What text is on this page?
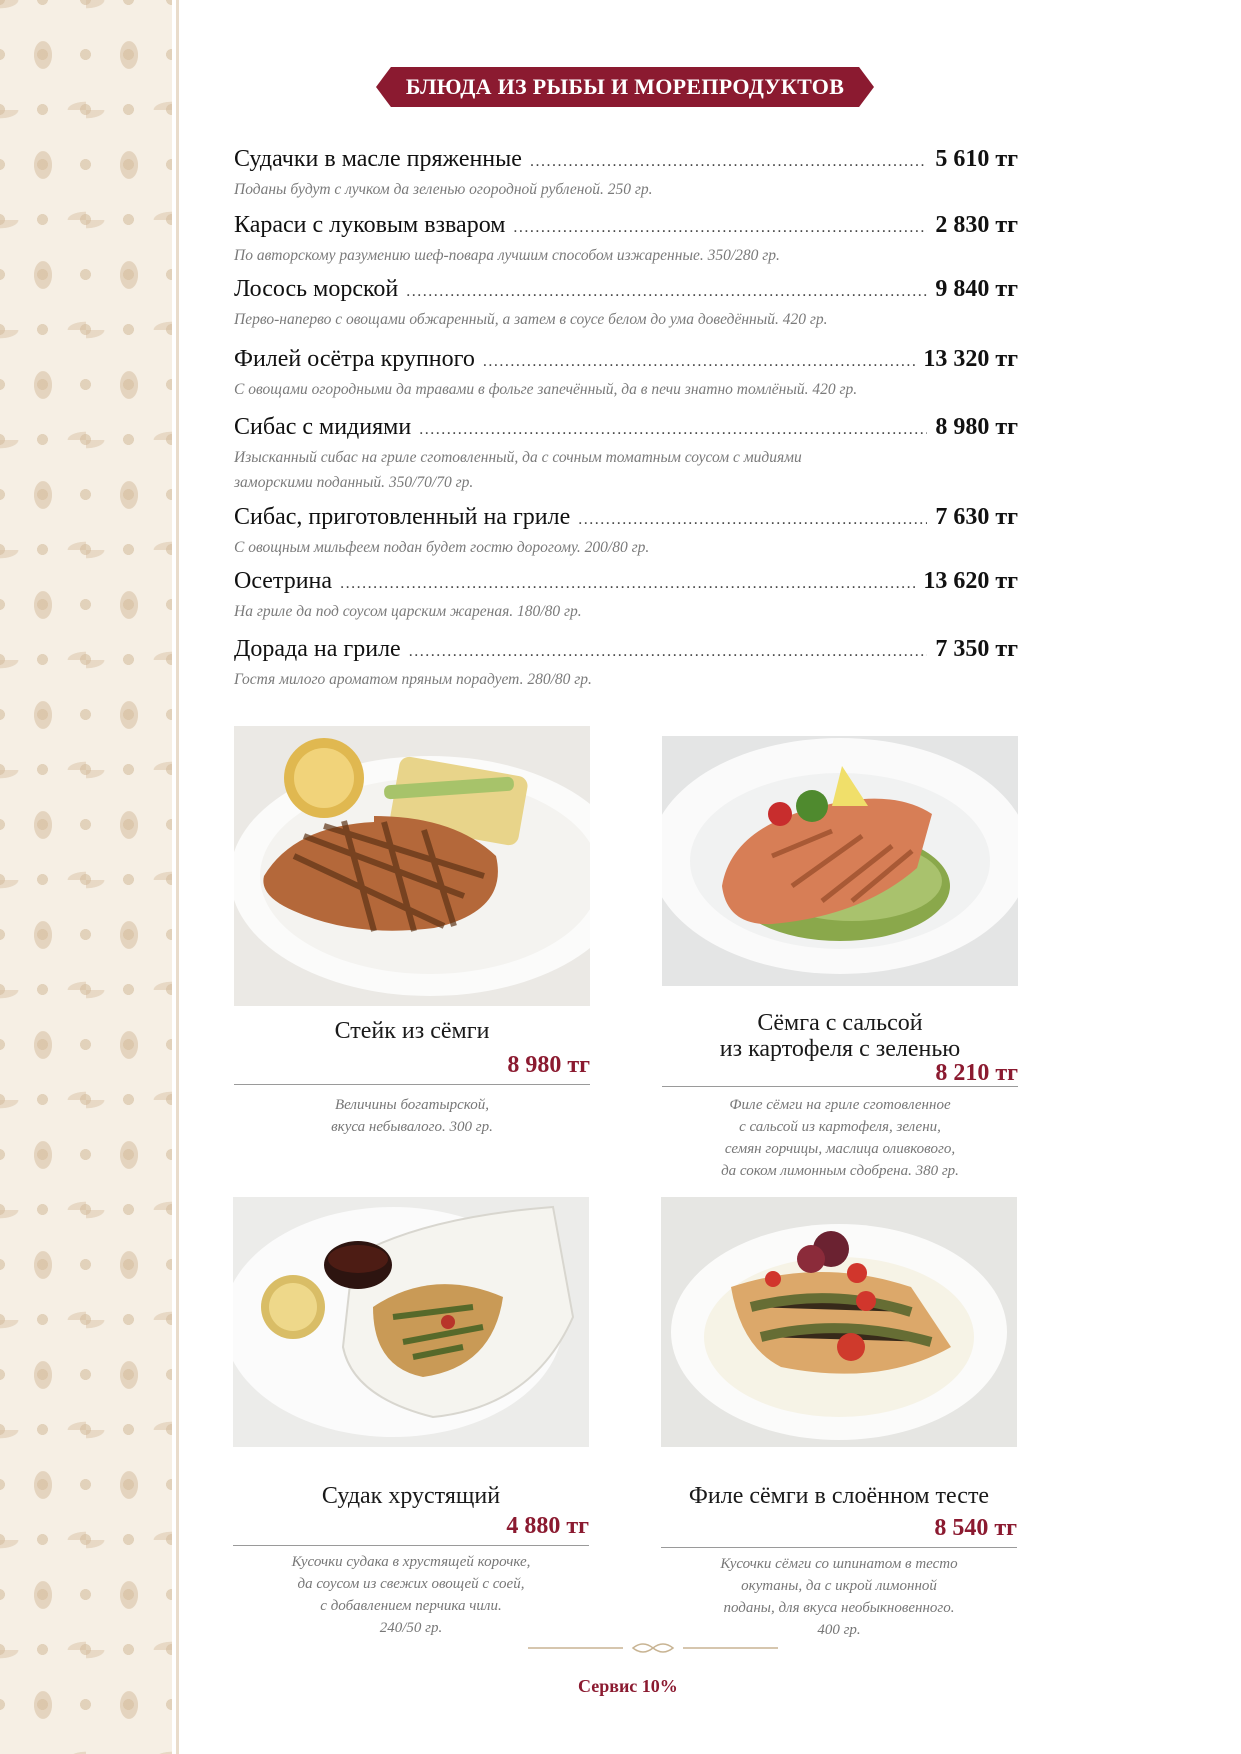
БЛЮДА ИЗ РЫБЫ И МОРЕПРОДУКТОВ
Судачки в масле пряженные .....	5 610 тг
Поданы будут с лучком да зеленью огородной рубленой. 250 гр.
Караси с луковым взваром .....	2 830 тг
По авторскому разумению шеф-повара лучшим способом изжаренные. 350/280 гр.
Лосось морской .....	9 840 тг
Перво-наперво с овощами обжаренный, а затем в соусе белом до ума доведённый. 420 гр.
Филей осётра крупного .....	13 320 тг
С овощами огородными да травами в фольге запечённый, да в печи знатно томлёный. 420 гр.
Сибас с мидиями .....	8 980 тг
Изысканный сибас на гриле сготовленный, да с сочным томатным соусом с мидиями заморскими поданный. 350/70/70 гр.
Сибас, приготовленный на гриле .....	7 630 тг
С овощным мильфеем подан будет гостю дорогому. 200/80 гр.
Осетрина .....	13 620 тг
На гриле да под соусом царским жареная. 180/80 гр.
Дорада на гриле .....	7 350 тг
Гостя милого ароматом пряным порадует. 280/80 гр.
Стейк из сёмги
8 980 тг
Величины богатырской,
вкуса небывалого. 300 гр.
Сёмга с сальсой
из картофеля с зеленью
8 210 тг
Филе сёмги на гриле сготовленное
с сальсой из картофеля, зелени,
семян горчицы, маслица оливкового,
да соком лимонным сдобрена. 380 гр.
Судак хрустящий
4 880 тг
Кусочки судака в хрустящей корочке,
да соусом из свежих овощей с соей,
с добавлением перчика чили.
240/50 гр.
Филе сёмги в слоённом тесте
8 540 тг
Кусочки сёмги со шпинатом в тесто
окутаны, да с икрой лимонной
поданы, для вкуса необыкновенного.
400 гр.
Сервис 10%
